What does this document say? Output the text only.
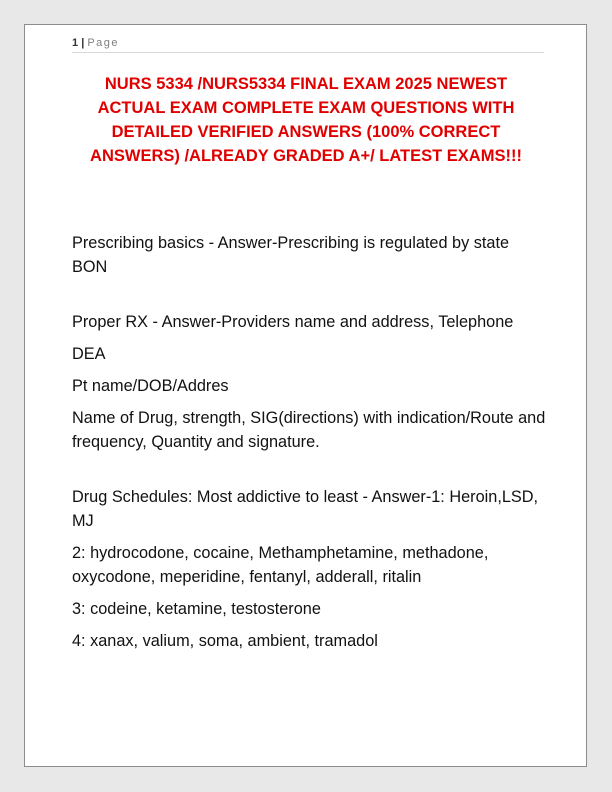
1 | Page
NURS 5334 /NURS5334 FINAL EXAM 2025 NEWEST ACTUAL EXAM COMPLETE EXAM QUESTIONS WITH DETAILED VERIFIED ANSWERS (100% CORRECT ANSWERS) /ALREADY GRADED A+/ LATEST EXAMS!!!

Prescribing basics - Answer-Prescribing is regulated by state BON

Proper RX - Answer-Providers name and address, Telephone

DEA

Pt name/DOB/Addres

Name of Drug, strength, SIG(directions) with indication/Route and frequency, Quantity and signature.

Drug Schedules: Most addictive to least - Answer-1: Heroin,LSD, MJ

2: hydrocodone, cocaine, Methamphetamine, methadone, oxycodone, meperidine, fentanyl, adderall, ritalin

3: codeine, ketamine, testosterone

4: xanax, valium, soma, ambient, tramadol
